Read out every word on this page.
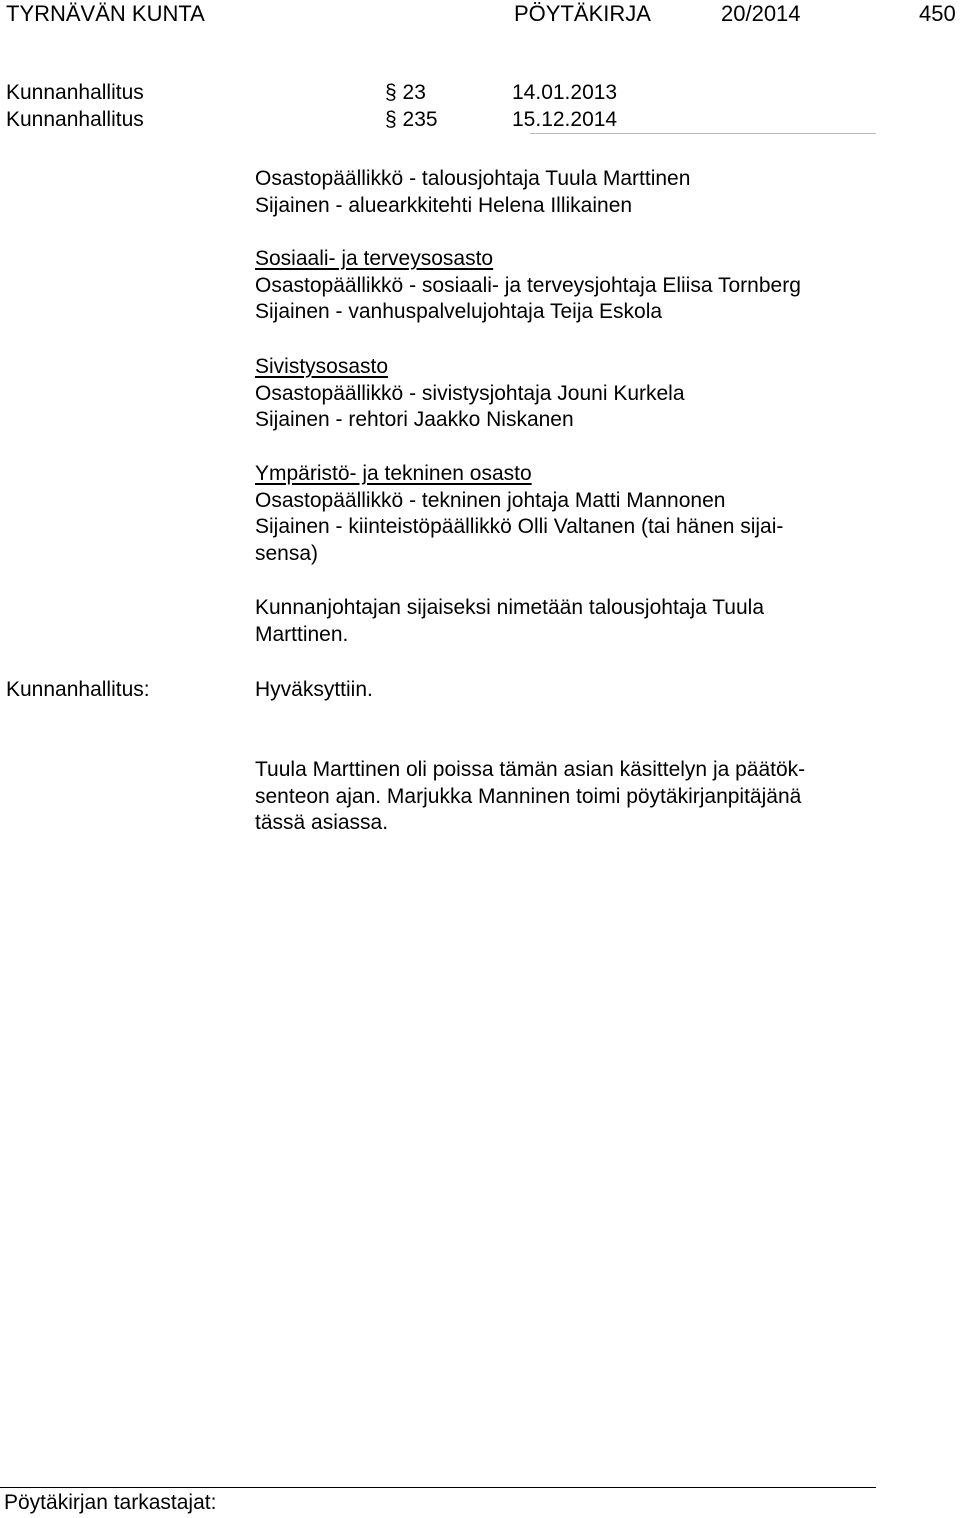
TYRNÄVÄN KUNTA	PÖYTÄKIRJA	20/2014	450
Kunnanhallitus	§ 23	14.01.2013
Kunnanhallitus	§ 235	15.12.2014
Osastopäällikkö - talousjohtaja Tuula Marttinen
Sijainen - aluearkkitehti Helena Illikainen
Sosiaali- ja terveysosasto
Osastopäällikkö - sosiaali- ja terveysjohtaja Eliisa Tornberg
Sijainen - vanhuspalvelujohtaja Teija Eskola
Sivistysosasto
Osastopäällikkö - sivistysjohtaja Jouni Kurkela
Sijainen - rehtori Jaakko Niskanen
Ympäristö- ja tekninen osasto
Osastopäällikkö - tekninen johtaja Matti Mannonen
Sijainen - kiinteistöpäällikkö Olli Valtanen (tai hänen sijai-
sensa)
Kunnanjohtajan sijaiseksi nimetään talousjohtaja Tuula
Marttinen.
Kunnanhallitus:	Hyväksyttiin.
Tuula Marttinen oli poissa tämän asian käsittelyn ja päätök-
senteon ajan. Marjukka Manninen toimi pöytäkirjanpitäjänä
tässä asiassa.
Pöytäkirjan tarkastajat:
